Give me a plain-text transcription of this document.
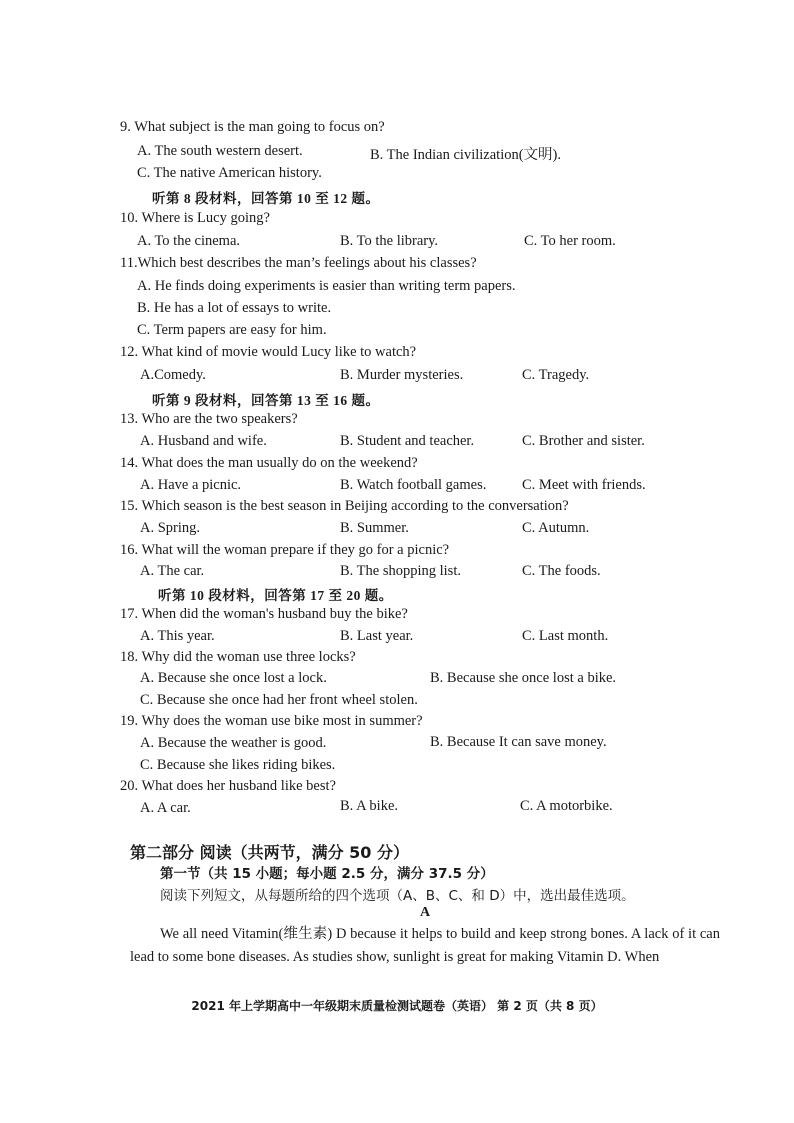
9. What subject is the man going to focus on?
A. The south western desert.	B. The Indian civilization(文明).
C. The native American history.
听第 8 段材料，回答第 10 至 12 题。
10. Where is Lucy going?
A. To the cinema.	B. To the library.	C. To her room.
11.Which best describes the man’s feelings about his classes?
A. He finds doing experiments is easier than writing term papers.
B. He has a lot of essays to write.
C. Term papers are easy for him.
12. What kind of movie would Lucy like to watch?
A.Comedy.	B. Murder mysteries.	C. Tragedy.
听第 9 段材料，回答第 13 至 16 题。
13. Who are the two speakers?
A. Husband and wife.	B. Student and teacher.	C. Brother and sister.
14. What does the man usually do on the weekend?
A. Have a picnic.	B. Watch football games. C. Meet with friends.
15. Which season is the best season in Beijing according to the conversation?
A. Spring.	B. Summer.	C. Autumn.
16. What will the woman prepare if they go for a picnic?
A. The car.	B. The shopping list.	C. The foods.
听第 10 段材料，回答第 17 至 20 题。
17. When did the woman's husband buy the bike?
A. This year.	B. Last year.	C. Last month.
18. Why did the woman use three locks?
A. Because she once lost a lock.	B. Because she once lost a bike.
C. Because she once had her front wheel stolen.
19. Why does the woman use bike most in summer?
A. Because the weather is good.	B. Because It can save money.
C. Because she likes riding bikes.
20. What does her husband like best?
A. A car.	B. A bike.	C. A motorbike.
第二部分 阅读（共两节，满分 50 分）
第一节（共 15 小题；每小题 2.5 分，满分 37.5 分）
阅读下列短文，从每题所给的四个选项（A、B、C、和 D）中，选出最佳选项。
A
We all need Vitamin(维生素) D because it helps to build and keep strong bones. A lack of it can lead to some bone diseases. As studies show, sunlight is great for making Vitamin D. When
2021 年上学期高中一年级期末质量检测试题卷（英语） 第 2 页（共 8 页）
